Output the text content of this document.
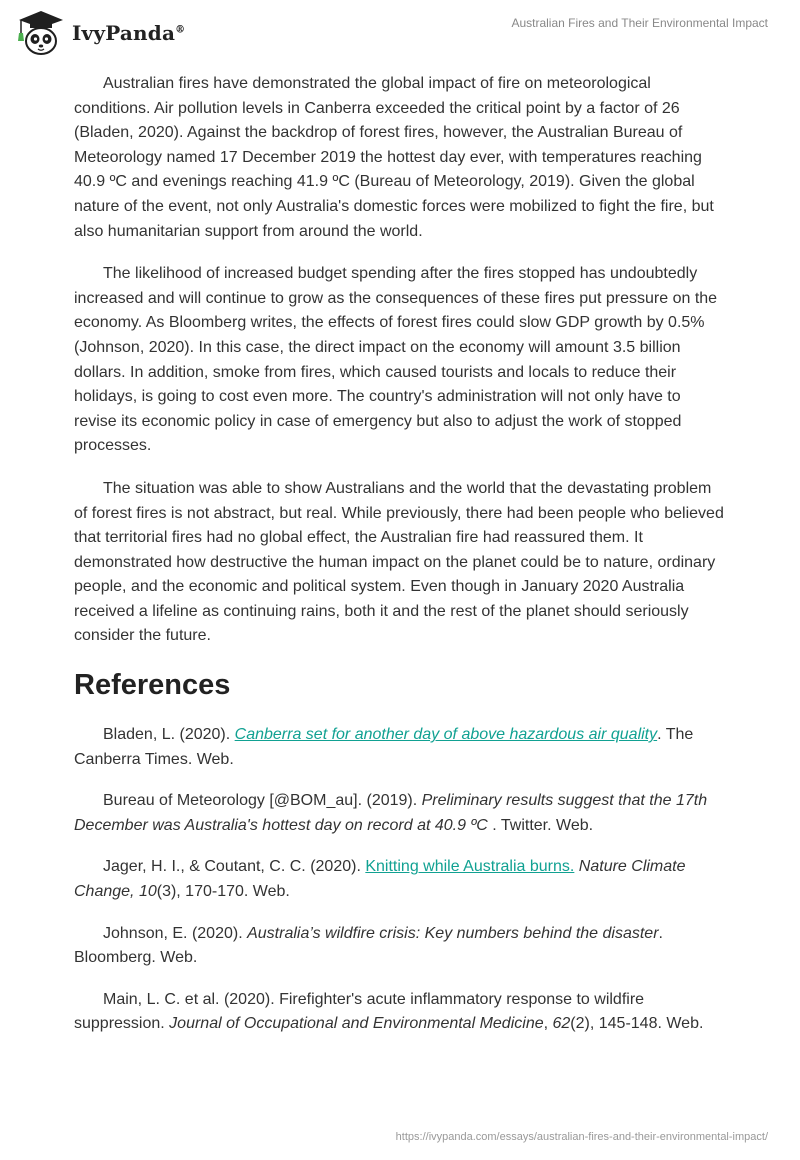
IvyPanda®	Australian Fires and Their Environmental Impact

Australian fires have demonstrated the global impact of fire on meteorological conditions. Air pollution levels in Canberra exceeded the critical point by a factor of 26 (Bladen, 2020). Against the backdrop of forest fires, however, the Australian Bureau of Meteorology named 17 December 2019 the hottest day ever, with temperatures reaching 40.9 ºC and evenings reaching 41.9 ºC (Bureau of Meteorology, 2019). Given the global nature of the event, not only Australia's domestic forces were mobilized to fight the fire, but also humanitarian support from around the world.

The likelihood of increased budget spending after the fires stopped has undoubtedly increased and will continue to grow as the consequences of these fires put pressure on the economy. As Bloomberg writes, the effects of forest fires could slow GDP growth by 0.5% (Johnson, 2020). In this case, the direct impact on the economy will amount 3.5 billion dollars. In addition, smoke from fires, which caused tourists and locals to reduce their holidays, is going to cost even more. The country's administration will not only have to revise its economic policy in case of emergency but also to adjust the work of stopped processes.

The situation was able to show Australians and the world that the devastating problem of forest fires is not abstract, but real. While previously, there had been people who believed that territorial fires had no global effect, the Australian fire had reassured them. It demonstrated how destructive the human impact on the planet could be to nature, ordinary people, and the economic and political system. Even though in January 2020 Australia received a lifeline as continuing rains, both it and the rest of the planet should seriously consider the future.

References

Bladen, L. (2020). Canberra set for another day of above hazardous air quality. The Canberra Times. Web.

Bureau of Meteorology [@BOM_au]. (2019). Preliminary results suggest that the 17th December was Australia's hottest day on record at 40.9 ºC . Twitter. Web.

Jager, H. I., & Coutant, C. C. (2020). Knitting while Australia burns. Nature Climate Change, 10(3), 170-170. Web.

Johnson, E. (2020). Australia’s wildfire crisis: Key numbers behind the disaster. Bloomberg. Web.

Main, L. C. et al. (2020). Firefighter's acute inflammatory response to wildfire suppression. Journal of Occupational and Environmental Medicine, 62(2), 145-148. Web.

https://ivypanda.com/essays/australian-fires-and-their-environmental-impact/
